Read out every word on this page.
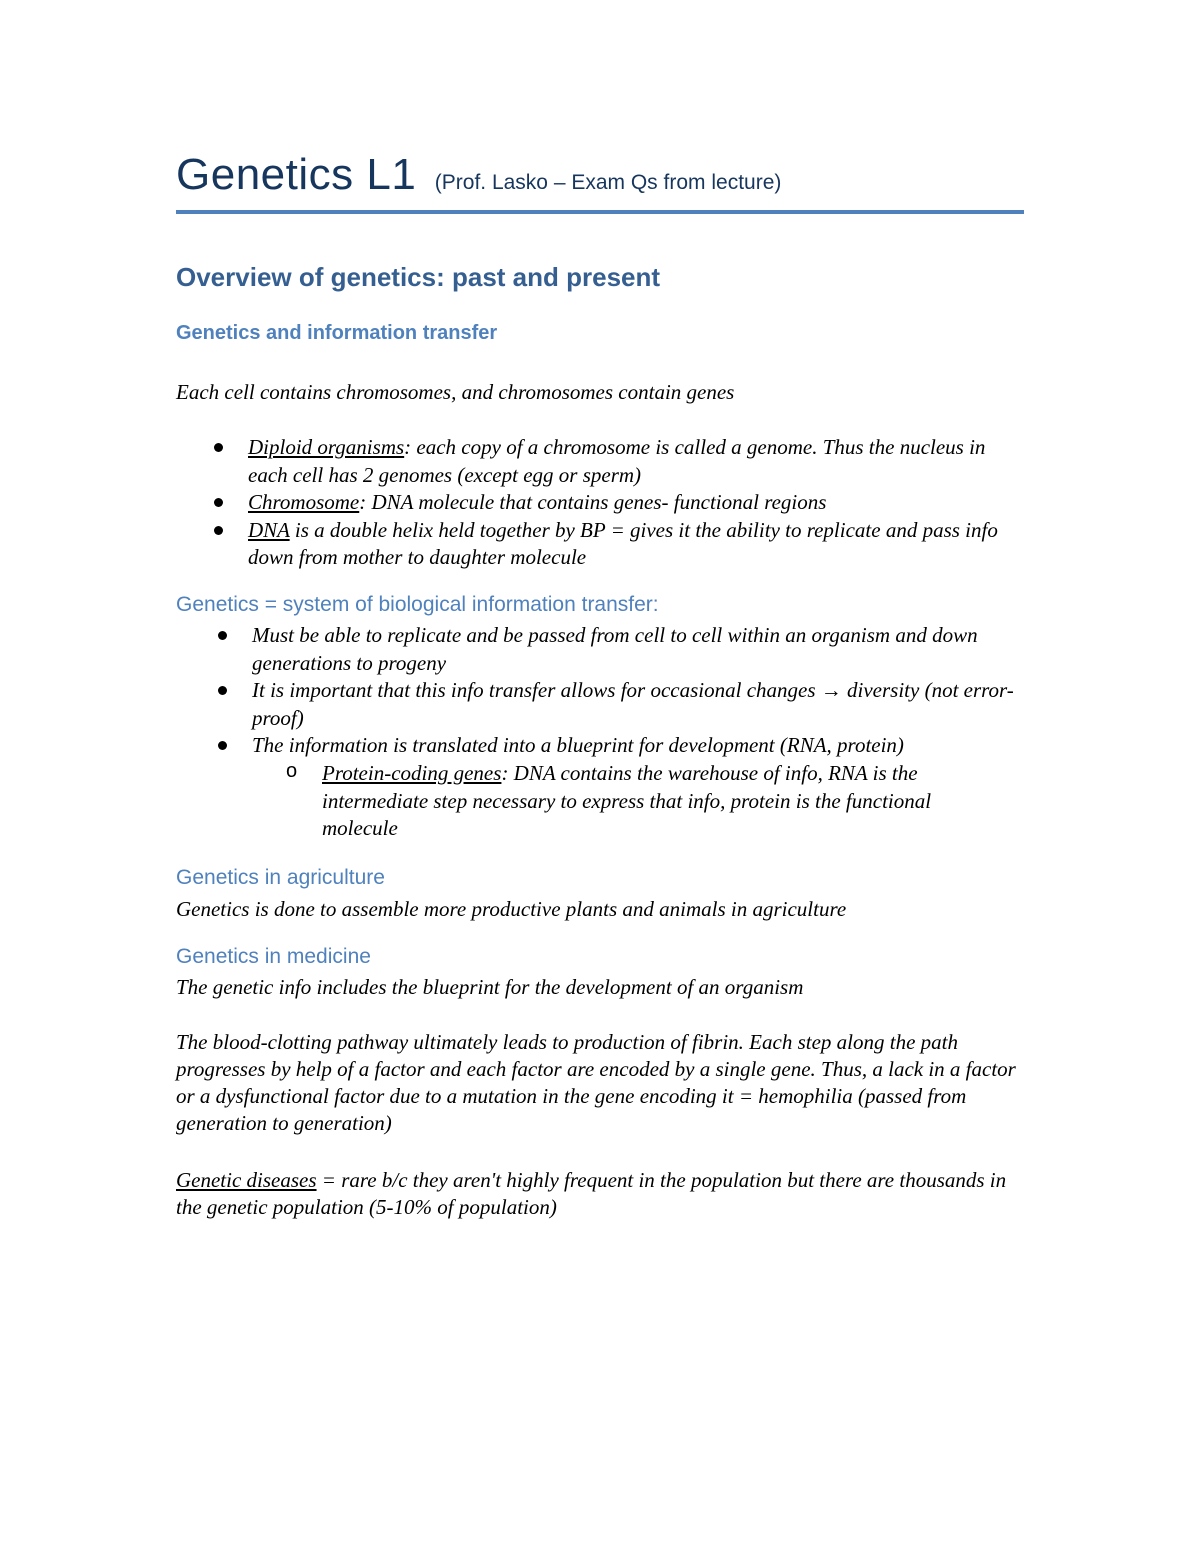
Genetics L1 (Prof. Lasko – Exam Qs from lecture)
Overview of genetics: past and present
Genetics and information transfer
Each cell contains chromosomes, and chromosomes contain genes
Diploid organisms: each copy of a chromosome is called a genome. Thus the nucleus in each cell has 2 genomes (except egg or sperm)
Chromosome: DNA molecule that contains genes- functional regions
DNA is a double helix held together by BP = gives it the ability to replicate and pass info down from mother to daughter molecule
Genetics = system of biological information transfer:
Must be able to replicate and be passed from cell to cell within an organism and down generations to progeny
It is important that this info transfer allows for occasional changes → diversity (not error-proof)
The information is translated into a blueprint for development (RNA, protein)
o Protein-coding genes: DNA contains the warehouse of info, RNA is the intermediate step necessary to express that info, protein is the functional molecule
Genetics in agriculture
Genetics is done to assemble more productive plants and animals in agriculture
Genetics in medicine
The genetic info includes the blueprint for the development of an organism
The blood-clotting pathway ultimately leads to production of fibrin. Each step along the path progresses by help of a factor and each factor are encoded by a single gene. Thus, a lack in a factor or a dysfunctional factor due to a mutation in the gene encoding it = hemophilia (passed from generation to generation)
Genetic diseases = rare b/c they aren't highly frequent in the population but there are thousands in the genetic population (5-10% of population)
